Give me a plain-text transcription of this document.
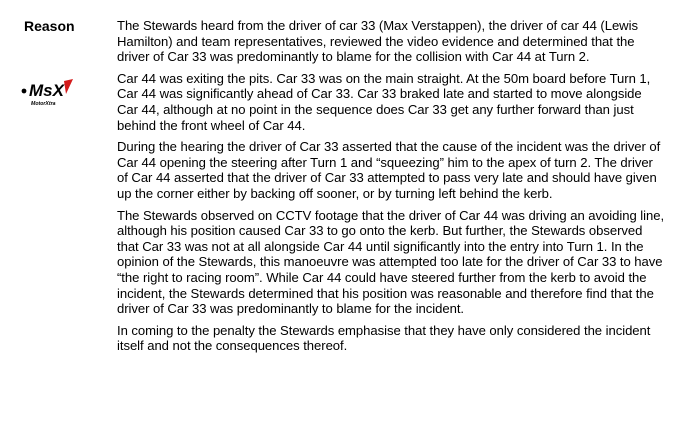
Reason
MsX
MotorXtra

The Stewards heard from the driver of car 33 (Max Verstappen), the driver of car 44 (Lewis Hamilton) and team representatives, reviewed the video evidence and determined that the driver of Car 33 was predominantly to blame for the collision with Car 44 at Turn 2.

Car 44 was exiting the pits. Car 33 was on the main straight. At the 50m board before Turn 1, Car 44 was significantly ahead of Car 33. Car 33 braked late and started to move alongside Car 44, although at no point in the sequence does Car 33 get any further forward than just behind the front wheel of Car 44.

During the hearing the driver of Car 33 asserted that the cause of the incident was the driver of Car 44 opening the steering after Turn 1 and “squeezing” him to the apex of turn 2. The driver of Car 44 asserted that the driver of Car 33 attempted to pass very late and should have given up the corner either by backing off sooner, or by turning left behind the kerb.

The Stewards observed on CCTV footage that the driver of Car 44 was driving an avoiding line, although his position caused Car 33 to go onto the kerb. But further, the Stewards observed that Car 33 was not at all alongside Car 44 until significantly into the entry into Turn 1. In the opinion of the Stewards, this manoeuvre was attempted too late for the driver of Car 33 to have “the right to racing room”. While Car 44 could have steered further from the kerb to avoid the incident, the Stewards determined that his position was reasonable and therefore find that the driver of Car 33 was predominantly to blame for the incident.

In coming to the penalty the Stewards emphasise that they have only considered the incident itself and not the consequences thereof.
